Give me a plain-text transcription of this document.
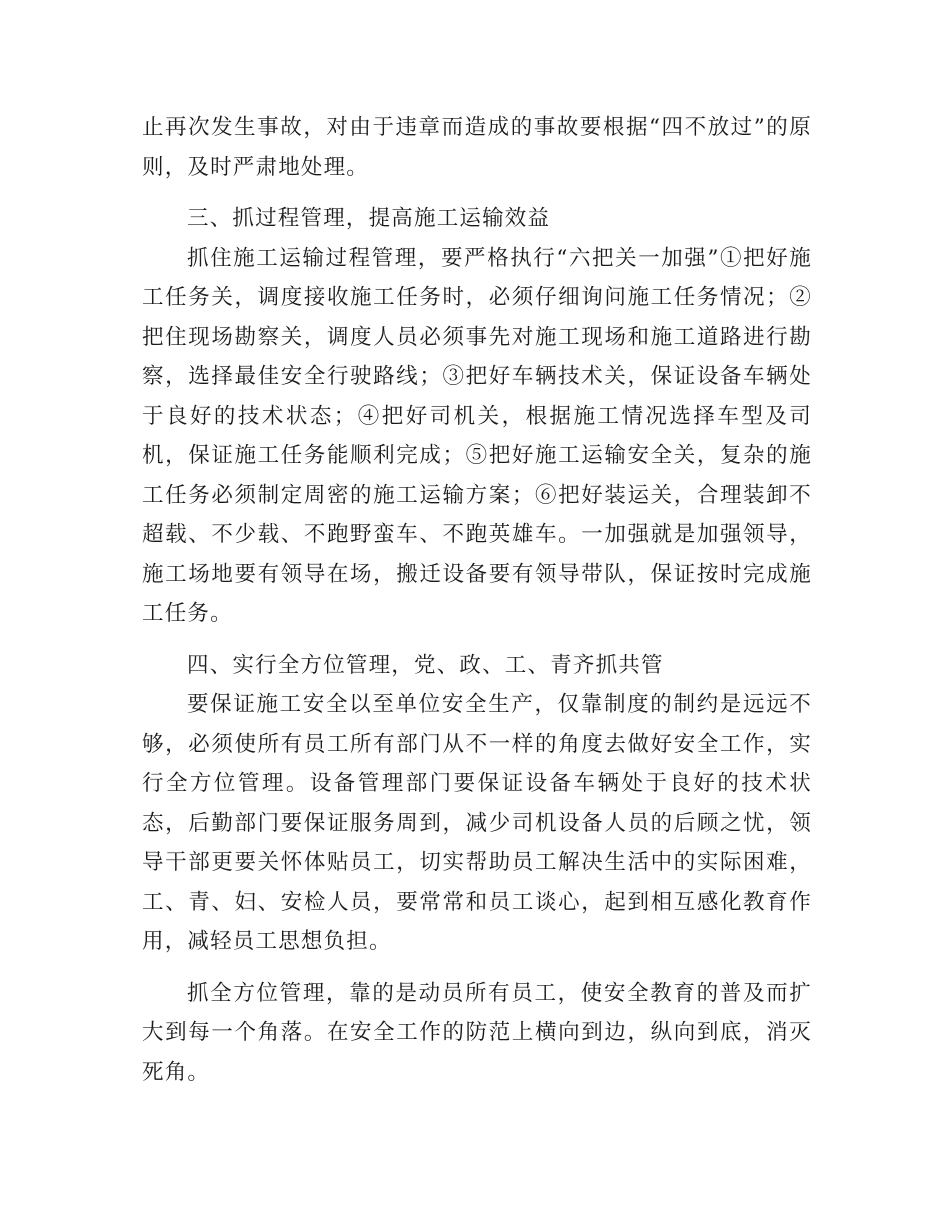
止再次发生事故，对由于违章而造成的事故要根据“四不放过”的原则，及时严肃地处理。

三、抓过程管理，提高施工运输效益

抓住施工运输过程管理，要严格执行“六把关一加强”①把好施工任务关，调度接收施工任务时，必须仔细询问施工任务情况；②把住现场勘察关，调度人员必须事先对施工现场和施工道路进行勘察，选择最佳安全行驶路线；③把好车辆技术关，保证设备车辆处于良好的技术状态；④把好司机关，根据施工情况选择车型及司机，保证施工任务能顺利完成；⑤把好施工运输安全关，复杂的施工任务必须制定周密的施工运输方案；⑥把好装运关，合理装卸不超载、不少载、不跑野蛮车、不跑英雄车。一加强就是加强领导，施工场地要有领导在场，搬迁设备要有领导带队，保证按时完成施工任务。

四、实行全方位管理，党、政、工、青齐抓共管

要保证施工安全以至单位安全生产，仅靠制度的制约是远远不够，必须使所有员工所有部门从不一样的角度去做好安全工作，实行全方位管理。设备管理部门要保证设备车辆处于良好的技术状态，后勤部门要保证服务周到，减少司机设备人员的后顾之忧，领导干部更要关怀体贴员工，切实帮助员工解决生活中的实际困难，工、青、妇、安检人员，要常常和员工谈心，起到相互感化教育作用，减轻员工思想负担。

抓全方位管理，靠的是动员所有员工，使安全教育的普及而扩大到每一个角落。在安全工作的防范上横向到边，纵向到底，消灭死角。
